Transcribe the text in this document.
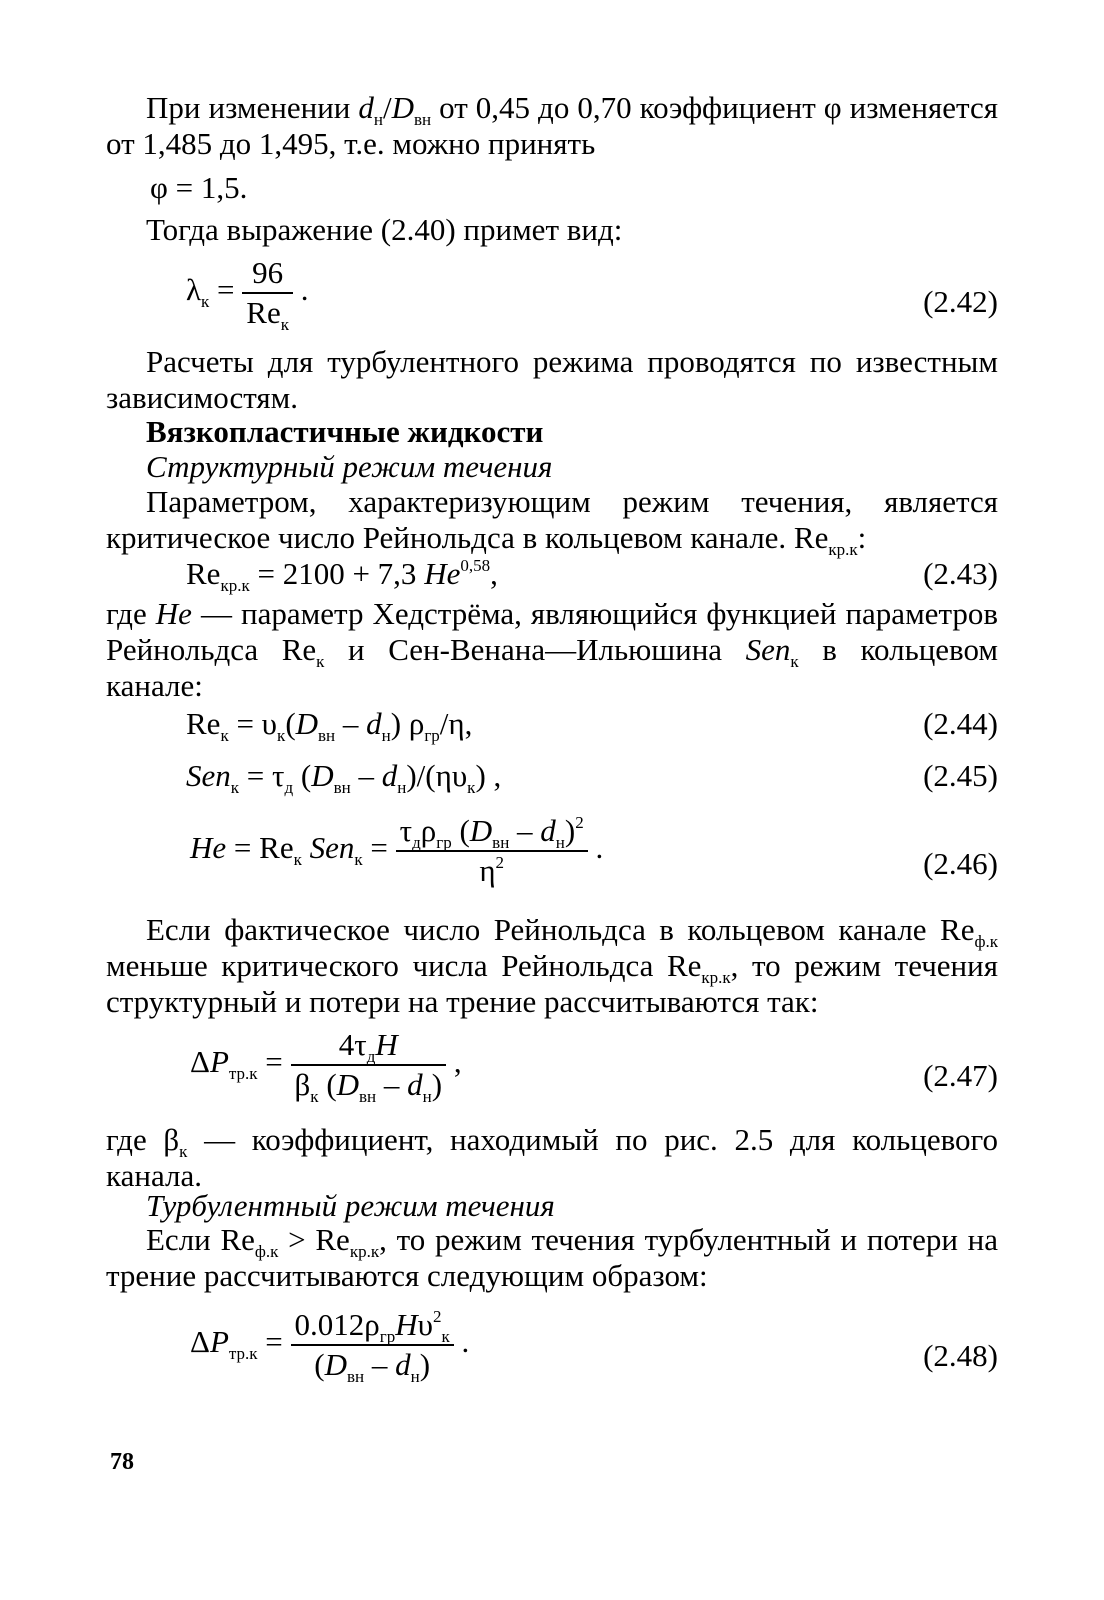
При изменении $d_н/D_{вн}$ от 0,45 до 0,70 коэффициент φ изменяется от 1,485 до 1,495, т.е. можно принять
φ = 1,5.
Тогда выражение (2.40) примет вид:
$\lambda_к = \frac{96}{Re_к}$ .	(2.42)
Расчеты для турбулентного режима проводятся по известным зависимостям.
Вязкопластичные жидкости
Структурный режим течения
Параметром, характеризующим режим течения, является критическое число Рейнольдса в кольцевом канале. $Re_{кр.к}$:
$Re_{кр.к} = 2100 + 7,3$ He$^{0,58}$,	(2.43)
где He — параметр Хедстрёма, являющийся функцией параметров Рейнольдса $Re_к$ и Сен-Венана—Ильюшина Sen$_к$ в кольцевом канале:
$Re_к = \upsilon_к(D_{вн} - d_н)$ $\rho_{гр}/\eta$,	(2.44)
$Sen_к = \tau_д$ $(D_{вн} - d_н)/(\eta\upsilon_к)$ ,	(2.45)
$He = Re_к$ $Sen_к = \frac{\tau_д\rho_{гр} (D_{вн} - d_н)^2}{\eta^2}$ .	(2.46)
Если фактическое число Рейнольдса в кольцевом канале $Re_{ф.к}$ меньше критического числа Рейнольдса $Re_{кр.к}$, то режим течения структурный и потери на трение рассчитываются так:
$\Delta P_{тр.к} = \frac{4\tau_дH}{\beta_к (D_{вн} - d_н)}$ ,	(2.47)
где $\beta_к$ — коэффициент, находимый по рис. 2.5 для кольцевого канала.
Турбулентный режим течения
Если $Re_{ф.к} > Re_{кр.к}$, то режим течения турбулентный и потери на трение рассчитываются следующим образом:
$\Delta P_{тр.к} = \frac{0.012\rho_{гр}H\upsilon^2_к}{(D_{вн} - d_н)}$ .	(2.48)
78
